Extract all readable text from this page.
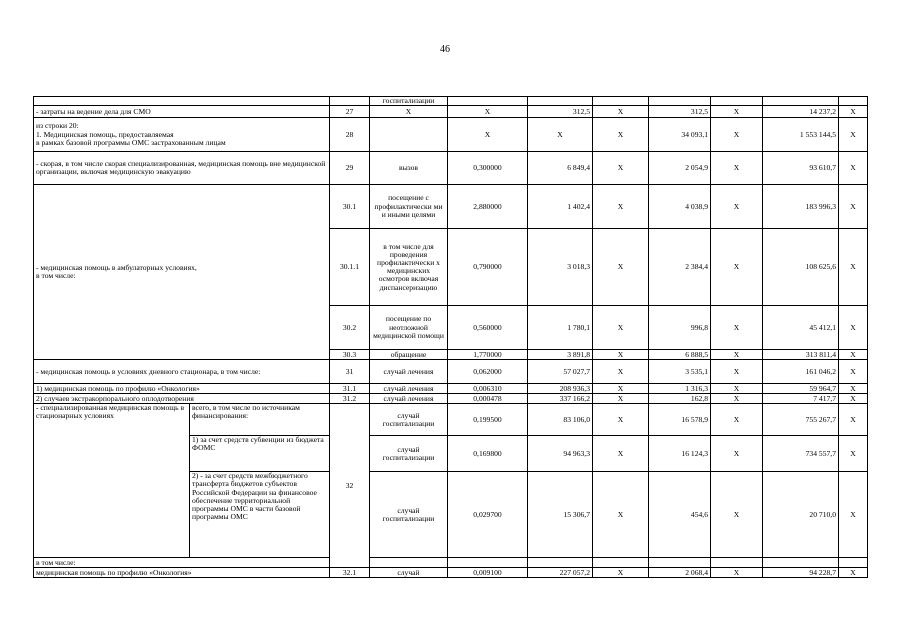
46
			госпитализации							
- затраты на ведение дела для СМО		27	Х	Х	312,5	Х	312,5	Х	14 237,2	Х
из строки 20:
1. Медицинская помощь, предоставляемая
в рамках базовой программы ОМС застрахованным лицам		28		Х	Х	Х	34 093,1	Х	1 553 144,5	Х
- скорая, в том числе скорая специализированная, медицинская помощь вне медицинской организации, включая медицинскую эвакуацию		29	вызов	0,300000	6 849,4	Х	2 054,9	Х	93 610,7	Х
- медицинская помощь в амбулаторных условиях,
в том числе:		30.1	посещение с профилактически ми и иными целями	2,880000	1 402,4	Х	4 038,9	Х	183 996,3	Х
		30.1.1	в том числе для проведения профилактически х медицинских осмотров включая диспансеризацию	0,790000	3 018,3	Х	2 384,4	Х	108 625,6	Х
		30.2	посещение по неотложной медицинской помощи	0,560000	1 780,1	Х	996,8	Х	45 412,1	Х
		30.3	обращение	1,770000	3 891,8	Х	6 888,5	Х	313 811,4	Х
- медицинская помощь в условиях дневного стационара, в том числе:		31	случай лечения	0,062000	57 027,7	Х	3 535,1	Х	161 046,2	Х
1) медицинская помощь по профилю «Онкология»		31.1	случай лечения	0,006310	208 936,3	Х	1 316,3	Х	59 964,7	Х
2) случаев экстракорпорального оплодотворения		31.2	случай лечения	0,000478	337 166,2	Х	162,8	Х	7 417,7	Х
- специализированная медицинская помощь в стационарных условиях	всего, в том числе по источникам финансирования:	32	случай госпитализации	0,199500	83 106,0	Х	16 578,9	Х	755 267,7	Х
	1) за счет средств субвенции из бюджета ФОМС		случай госпитализации	0,169800	94 963,3	Х	16 124,3	Х	734 557,7	Х
	2) - за счет средств межбюджетного трансферта бюджетов субъектов Российской Федерации на финансовое обеспечение территориальной программы ОМС в части базовой программы ОМС		случай госпитализации	0,029700	15 306,7	Х	454,6	Х	20 710,0	Х
в том числе:										
медицинская помощь по профилю «Онкология»		32.1	случай	0,009100	227 057,2	Х	2 068,4	Х	94 228,7	Х
